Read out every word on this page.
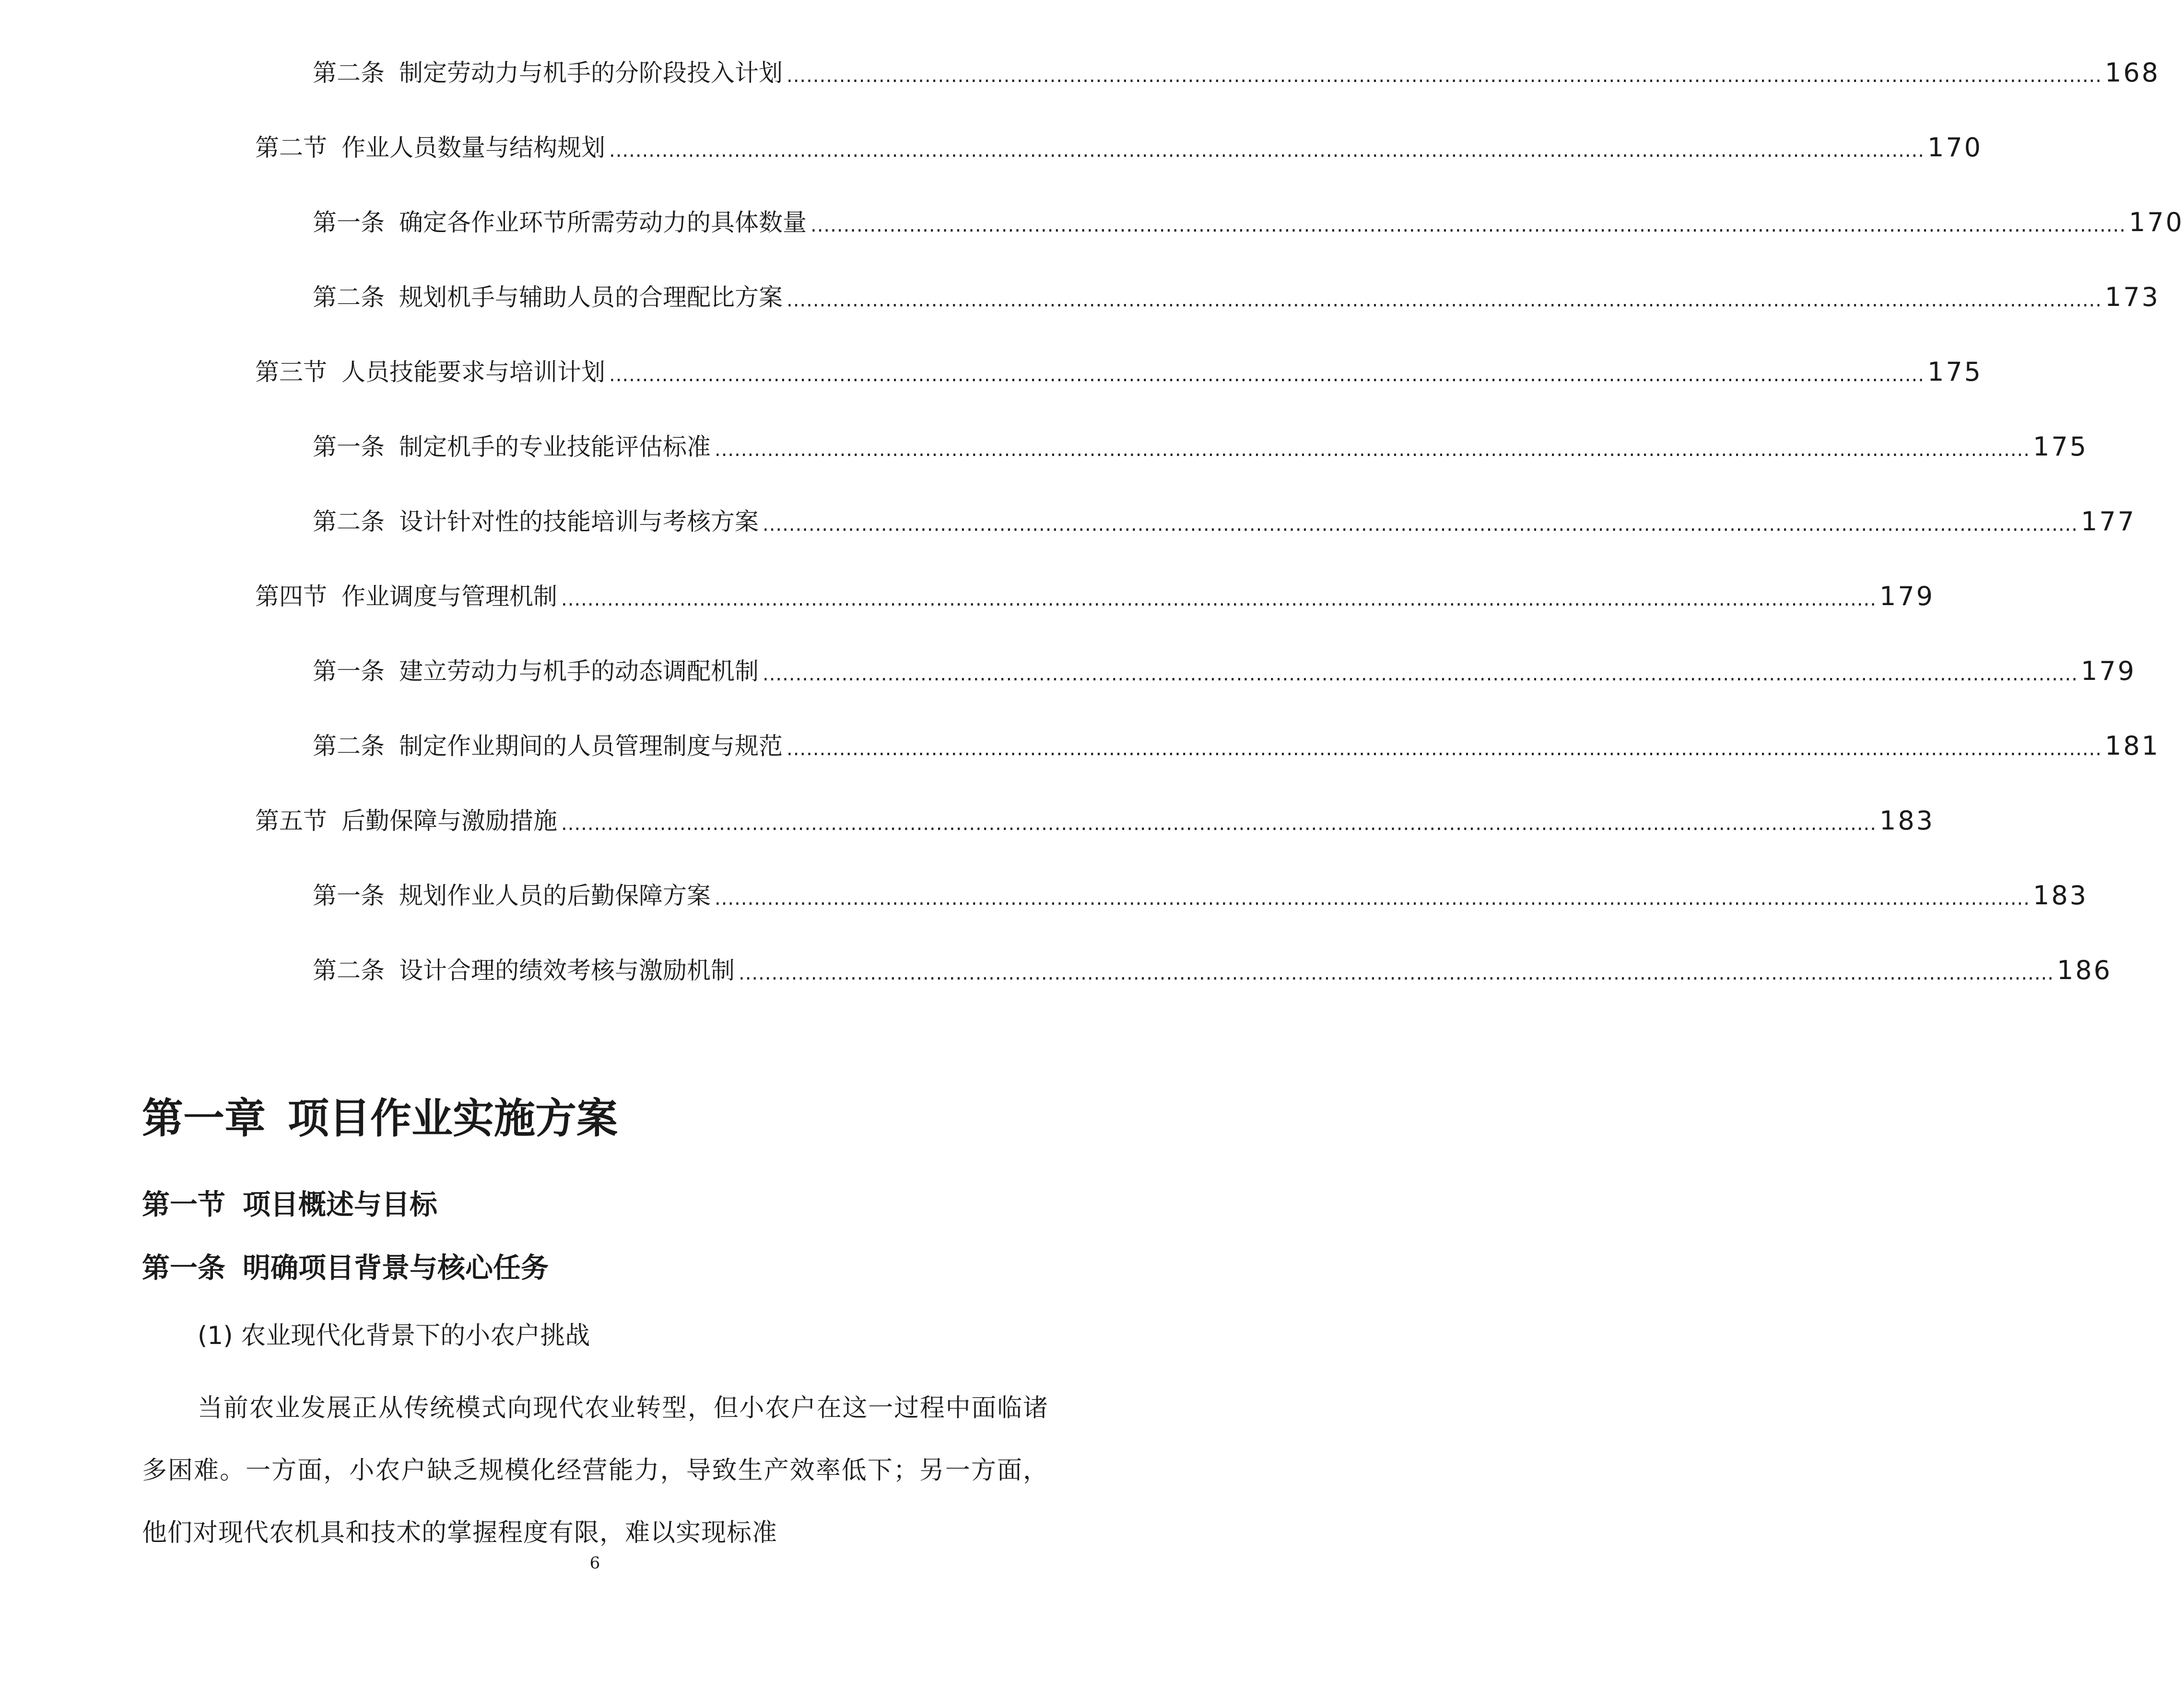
第二条 制定劳动力与机手的分阶段投入计划 ........................................................................................................................................................................................................ 168
第二节 作业人员数量与结构规划 ........................................................................................................................................................................................................ 170
第一条 确定各作业环节所需劳动力的具体数量 ........................................................................................................................................................................................................ 170
第二条 规划机手与辅助人员的合理配比方案 ........................................................................................................................................................................................................ 173
第三节 人员技能要求与培训计划 ........................................................................................................................................................................................................ 175
第一条 制定机手的专业技能评估标准 ........................................................................................................................................................................................................ 175
第二条 设计针对性的技能培训与考核方案 ........................................................................................................................................................................................................ 177
第四节 作业调度与管理机制 ........................................................................................................................................................................................................ 179
第一条 建立劳动力与机手的动态调配机制 ........................................................................................................................................................................................................ 179
第二条 制定作业期间的人员管理制度与规范 ........................................................................................................................................................................................................ 181
第五节 后勤保障与激励措施 ........................................................................................................................................................................................................ 183
第一条 规划作业人员的后勤保障方案 ........................................................................................................................................................................................................ 183
第二条 设计合理的绩效考核与激励机制 ........................................................................................................................................................................................................ 186
第一章 项目作业实施方案
第一节 项目概述与目标
第一条 明确项目背景与核心任务
(1) 农业现代化背景下的小农户挑战

当前农业发展正从传统模式向现代农业转型，但小农户在这一过程中面临诸多困难。一方面，小农户缺乏规模化经营能力，导致生产效率低下；另一方面，他们对现代农机具和技术的掌握程度有限，难以实现标准

6
